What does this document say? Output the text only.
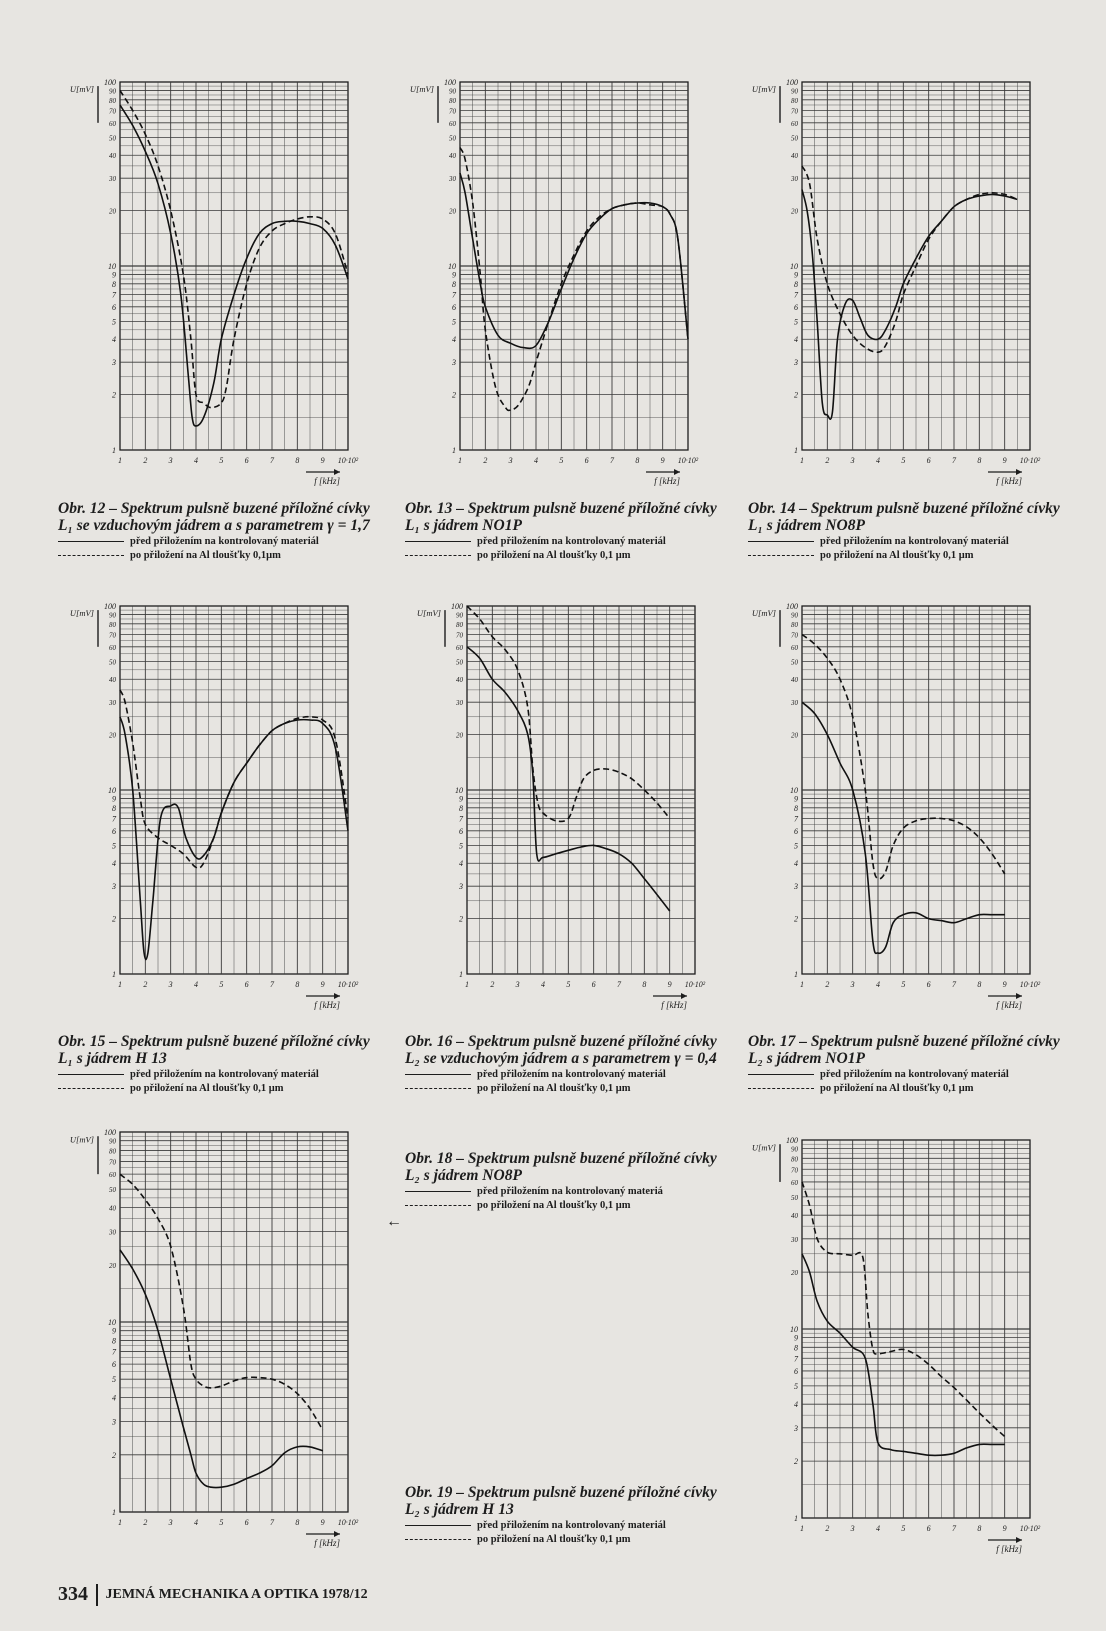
100
90
80
70
60
50
40
30
20
10
9
8
7
6
5
4
3
2
1
U[mV]
1	2	3	4	5	6	7	8	9 10·10²
f [kHz]
100
90
80
70
60
50
40
30
20
10
9
8
7
6
5
4
3
2
1
U[mV]
1	2	3	4	5	6	7	8	9 10·10²
f [kHz]
100
90
80
70
60
50
40
30
20
10
9
8
7
6
5
4
3
2
1
U[mV]
1	2	3	4	5	6	7	8	9 10·10²
f [kHz]

Obr. 12 – Spektrum pulsně buzené příložné cívky L₁ se vzduchovým jádrem a s parametrem γ = 1,7

před přiložením na kontrolovaný materiál
po přiložení na Al tloušťky 0,1μm

Obr. 13 – Spektrum pulsně buzené příložné cívky L₁ s jádrem NO1P

před přiložením na kontrolovaný materiál
po přiložení na Al tloušťky 0,1 μm

Obr. 14 – Spektrum pulsně buzené příložné cívky L₁ s jádrem NO8P

před přiložením na kontrolovaný materiál
po přiložení na Al tloušťky 0,1 μm
100
90
80
70
60
50
40
30
20
10
9
8
7
6
5
4
3
2
1
U[mV]
1	2	3	4	5	6	7	8	9 10·10²
f [kHz]
100
90
80
70
60
50
40
30
20
10
9
8
7
6
5
4
3
2
1
U[mV]
1	2	3	4	5	6	7	8	9 10·10²
f [kHz]
100
90
80
70
60
50
40
30
20
10
9
8
7
6
5
4
3
2
1
U[mV]
1	2	3	4	5	6	7	8	9 10·10²
f [kHz]

Obr. 15 – Spektrum pulsně buzené příložné cívky L₁ s jádrem H 13

před přiložením na kontrolovaný materiál
po přiložení na Al tloušťky 0,1 μm

Obr. 16 – Spektrum pulsně buzené příložné cívky L₂ se vzduchovým jádrem a s parametrem γ = 0,4

před přiložením na kontrolovaný materiál
po přiložení na Al tloušťky 0,1 μm

Obr. 17 – Spektrum pulsně buzené příložné cívky L₂ s jádrem NO1P

před přiložením na kontrolovaný materiál
po přiložení na Al tloušťky 0,1 μm
100
90
80
70
60
50
40
30
20
10
9
8
7
6
5
4
3
2
1
U[mV]
1	2	3	4	5	6	7	8	9 10·10²
f [kHz]

Obr. 18 – Spektrum pulsně buzené příložné cívky L₂ s jádrem NO8P

před přiložením na kontrolovaný materiá
po přiložení na Al tloušťky 0,1 μm

Obr. 19 – Spektrum pulsně buzené příložné cívky L₂ s jádrem H 13

před přiložením na kontrolovaný materiál
po přiložení na Al tloušťky 0,1 μm
←
100
90
80
70
60
50
40
30
20
10
9
8
7
6
5
4
3
2
1
U[mV]
1	2	3	4	5	6	7	8	9 10·10²
f [kHz]
334 JEMNÁ MECHANIKA A OPTIKA 1978/12
